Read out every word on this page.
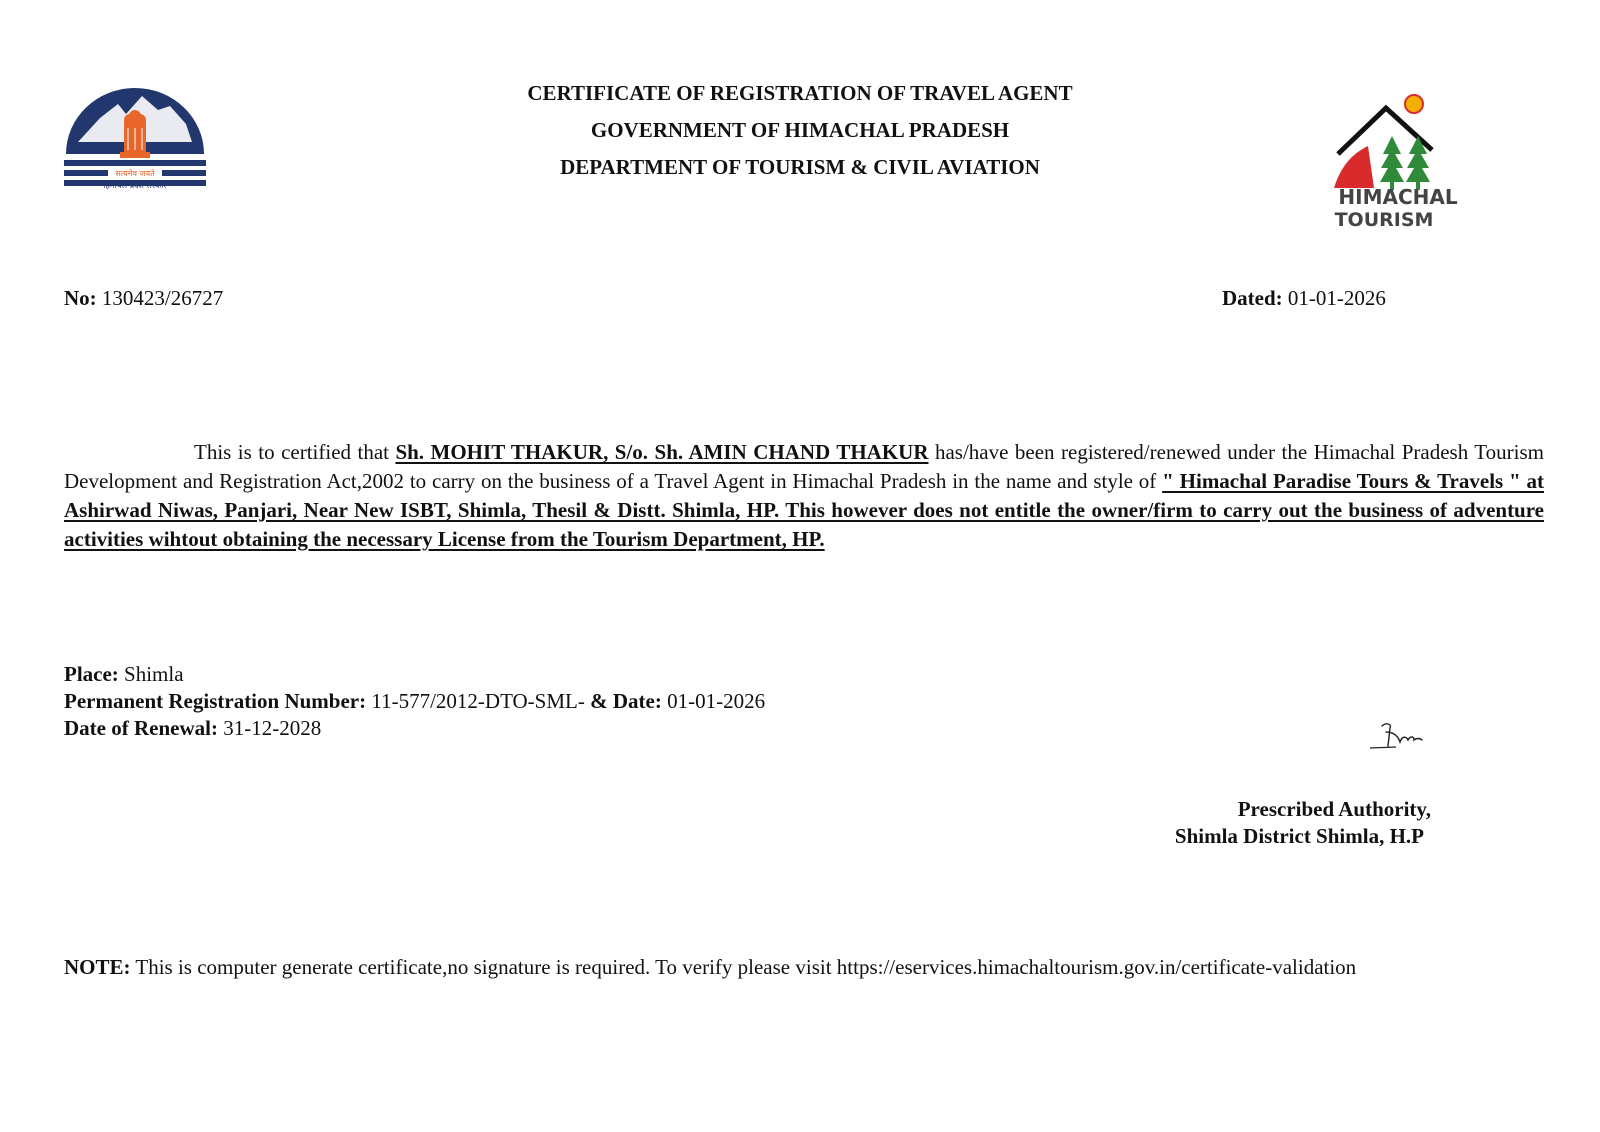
सत्यमेव जयते
हिमाचल प्रदेश सरकार	HIMACHAL
TOURISM
CERTIFICATE OF REGISTRATION OF TRAVEL AGENT
GOVERNMENT OF HIMACHAL PRADESH
DEPARTMENT OF TOURISM & CIVIL AVIATION
No: 130423/26727	Dated: 01-01-2026
This is to certified that Sh. MOHIT THAKUR, S/o. Sh. AMIN CHAND THAKUR has/have been registered/renewed under the Himachal Pradesh Tourism Development and Registration Act,2002 to carry on the business of a Travel Agent in Himachal Pradesh in the name and style of " Himachal Paradise Tours & Travels " at Ashirwad Niwas, Panjari, Near New ISBT, Shimla, Thesil & Distt. Shimla, HP. This however does not entitle the owner/firm to carry out the business of adventure activities wihtout obtaining the necessary License from the Tourism Department, HP.
Place: Shimla
Permanent Registration Number: 11-577/2012-DTO-SML- & Date: 01-01-2026
Date of Renewal: 31-12-2028
Prescribed Authority,
Shimla District Shimla, H.P
NOTE: This is computer generate certificate,no signature is required. To verify please visit https://eservices.himachaltourism.gov.in/certificate-validation
